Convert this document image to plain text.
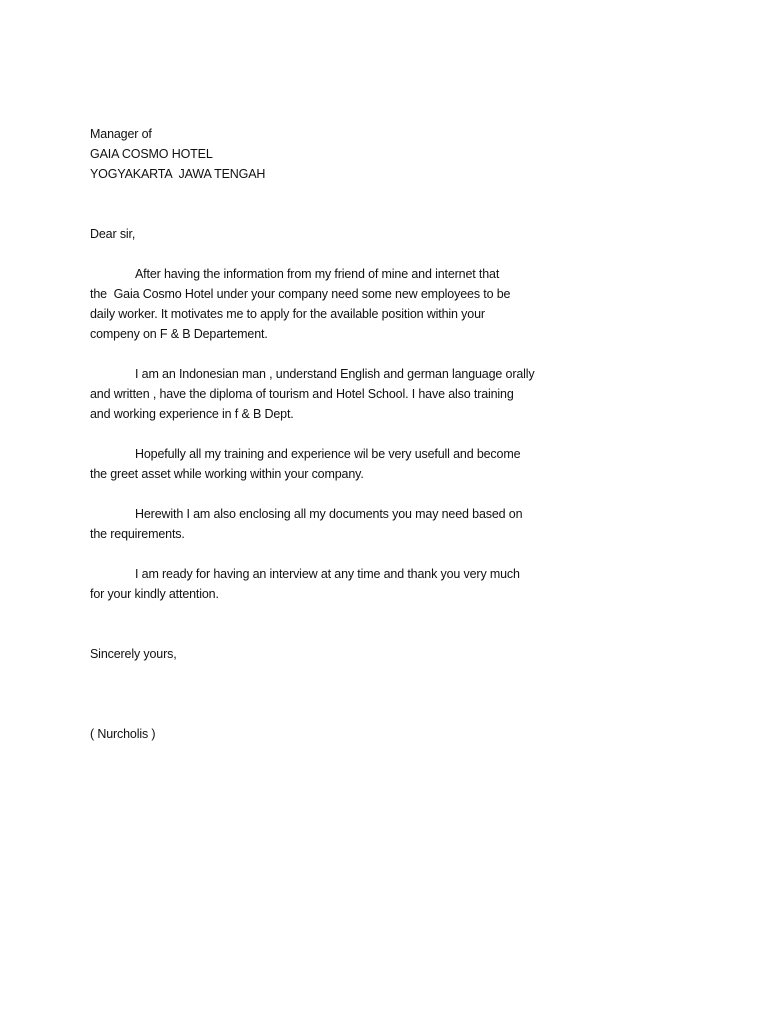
Manager of
GAIA COSMO HOTEL
YOGYAKARTA  JAWA TENGAH
Dear sir,
After having the information from my friend of mine and internet that
the  Gaia Cosmo Hotel under your company need some new employees to be
daily worker. It motivates me to apply for the available position within your
compeny on F & B Departement.
I am an Indonesian man , understand English and german language orally
and written , have the diploma of tourism and Hotel School. I have also training
and working experience in f & B Dept.
Hopefully all my training and experience wil be very usefull and become
the greet asset while working within your company.
Herewith I am also enclosing all my documents you may need based on
the requirements.
I am ready for having an interview at any time and thank you very much
for your kindly attention.
Sincerely yours,
( Nurcholis )
